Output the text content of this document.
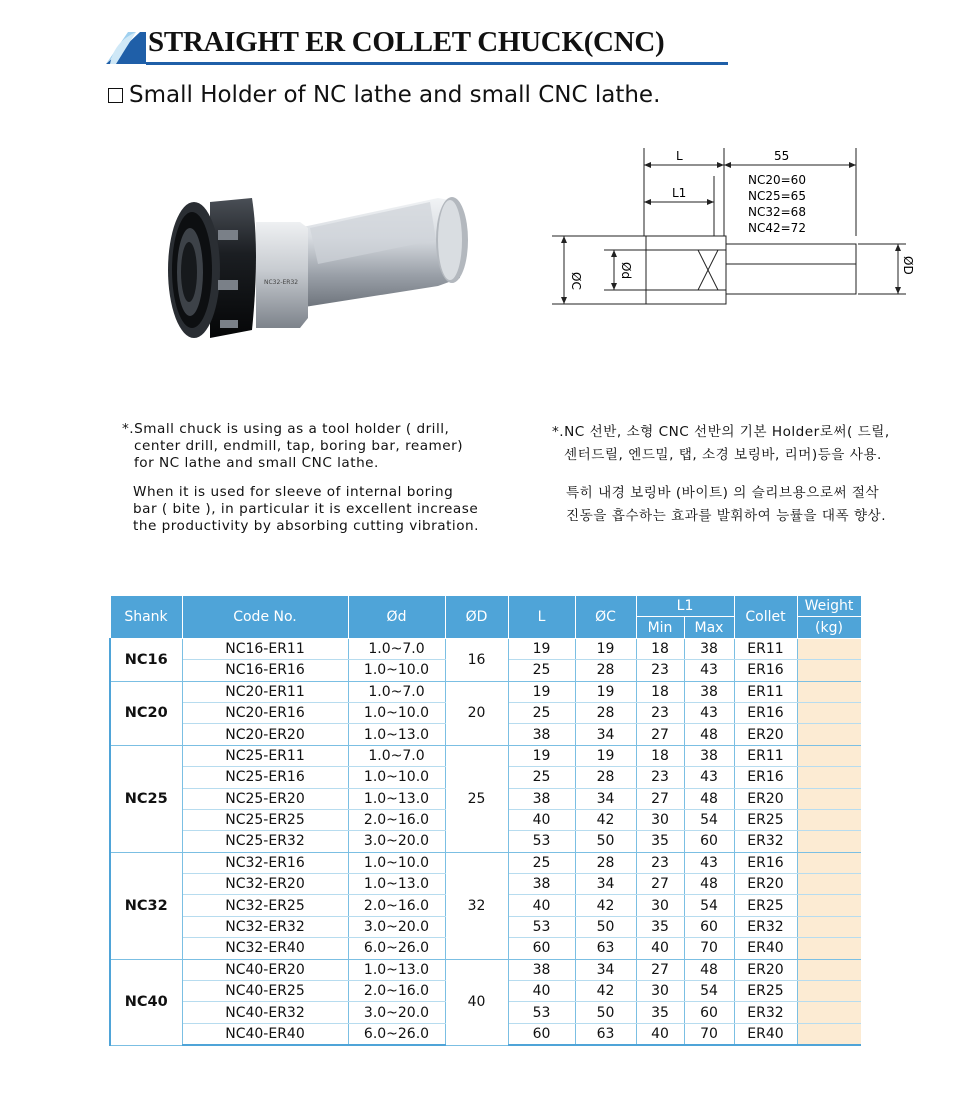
STRAIGHT ER COLLET CHUCK(CNC)
Small Holder of NC lathe and small CNC lathe.
NC32-ER32
L	55
L1
NC20=60
NC25=65
NC32=68
NC42=72
ØC
Ød	ØD

*.Small chuck is using as a tool holder ( drill,

center drill, endmill, tap, boring bar, reamer)

for NC lathe and small CNC lathe.

When it is used for sleeve of internal boring

bar ( bite ), in particular it is excellent increase

the productivity by absorbing cutting vibration.

*.NC 선반, 소형 CNC 선반의 기본 Holder로써( 드릴,

센터드릴, 엔드밀, 탭, 소경 보링바, 리머)등을 사용.

특히 내경 보링바 (바이트) 의 슬리브용으로써 절삭

진동을 흡수하는 효과를 발휘하여 능률을 대폭 향상.

Shank	Code No.	Ød	ØD	L	ØC	L1		Collet	Weight
						Min	Max		(kg)
NC16	NC16-ER11	1.0~7.0	16	19	19	18	38	ER11	
	NC16-ER16	1.0~10.0		25	28	23	43	ER16	
NC20	NC20-ER11	1.0~7.0	20	19	19	18	38	ER11	
	NC20-ER16	1.0~10.0		25	28	23	43	ER16	
	NC20-ER20	1.0~13.0		38	34	27	48	ER20	
NC25	NC25-ER11	1.0~7.0	25	19	19	18	38	ER11	
	NC25-ER16	1.0~10.0		25	28	23	43	ER16	
	NC25-ER20	1.0~13.0		38	34	27	48	ER20	
	NC25-ER25	2.0~16.0		40	42	30	54	ER25	
	NC25-ER32	3.0~20.0		53	50	35	60	ER32	
NC32	NC32-ER16	1.0~10.0	32	25	28	23	43	ER16	
	NC32-ER20	1.0~13.0		38	34	27	48	ER20	
	NC32-ER25	2.0~16.0		40	42	30	54	ER25	
	NC32-ER32	3.0~20.0		53	50	35	60	ER32	
	NC32-ER40	6.0~26.0		60	63	40	70	ER40	
NC40	NC40-ER20	1.0~13.0	40	38	34	27	48	ER20	
	NC40-ER25	2.0~16.0		40	42	30	54	ER25	
	NC40-ER32	3.0~20.0		53	50	35	60	ER32	
	NC40-ER40	6.0~26.0		60	63	40	70	ER40	
